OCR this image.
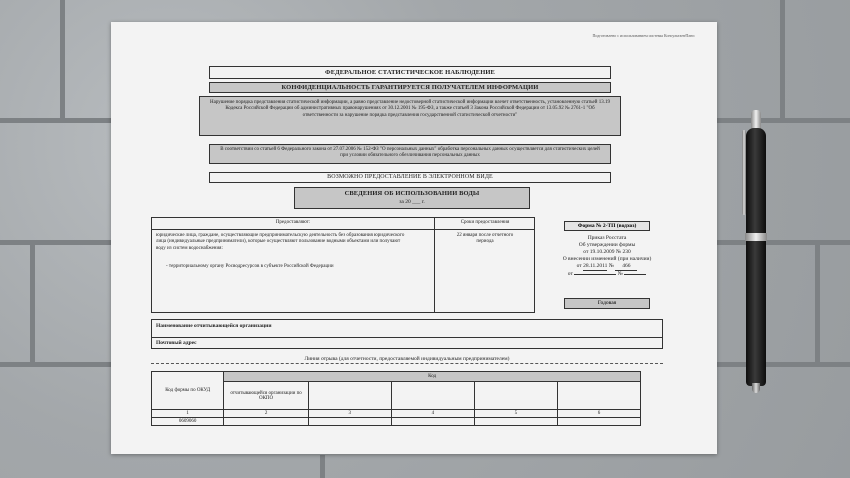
Подготовлено с использованием системы КонсультантПлюс
ФЕДЕРАЛЬНОЕ СТАТИСТИЧЕСКОЕ НАБЛЮДЕНИЕ
КОНФИДЕНЦИАЛЬНОСТЬ ГАРАНТИРУЕТСЯ ПОЛУЧАТЕЛЕМ ИНФОРМАЦИИ
Нарушение порядка представления статистической информации, а равно представление недостоверной статистической информации влечет ответственность, установленную статьей 13.19 Кодекса Российской Федерации об административных правонарушениях от 30.12.2001 № 195-ФЗ, а также статьей 3 Закона Российской Федерации от 13.05.92 № 2761-1 "Об ответственности за нарушение порядка представления государственной статистической отчетности"
В соответствии со статьей 6 Федерального закона от 27.07.2006 № 152-ФЗ "О персональных данных" обработка персональных данных осуществляется для статистических целей при условии обязательного обезличивания персональных данных
ВОЗМОЖНО ПРЕДОСТАВЛЕНИЕ В ЭЛЕКТРОННОМ ВИДЕ
СВЕДЕНИЯ ОБ ИСПОЛЬЗОВАНИИ ВОДЫ
за 20 ___ г.
Предоставляют:	Сроки предоставления
юридические лица, граждане, осуществляющие предпринимательскую деятельность без образования юридического лица (индивидуальные предприниматели), которые осуществляют пользование водными объектами или получают воду из систем водоснабжения:
- территориальному органу Росводресурсов в субъекте Российской Федерации
22 января после отчетного периода
Форма № 2-ТП (водхоз)
Приказ Росстата
Об утверждении формы
от 19.10.2009 № 230
О внесении изменений (при наличии)
от 28.11.2011 № 466
от	№
Годовая
Наименование отчитывающейся организации
Почтовый адрес
Линия отрыва (для отчетности, предоставляемой индивидуальным предпринимателем)
Код формы по ОКУД	Код				
	отчитывающейся организации по ОКПО				
1	2	3	4	5	6
0609060					
